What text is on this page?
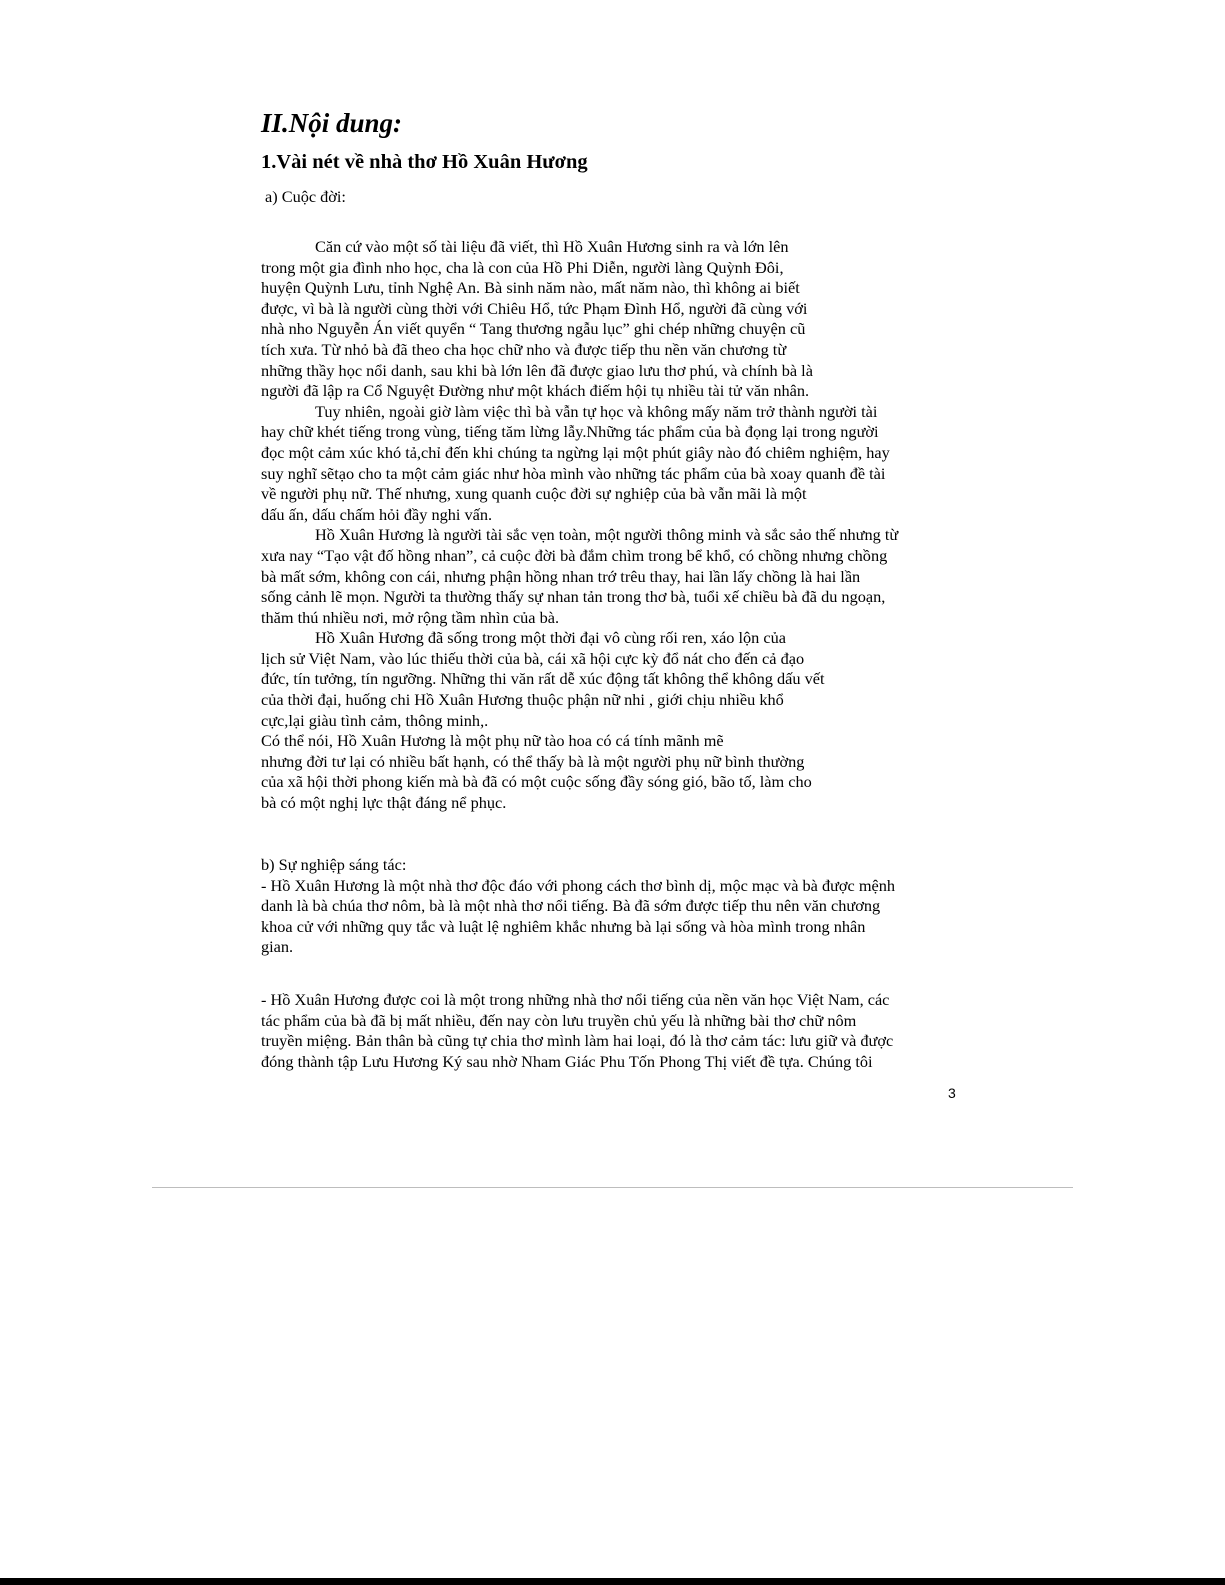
II.Nội dung:
1.Vài nét về nhà thơ Hồ Xuân Hương

a) Cuộc đời:

Căn cứ vào một số tài liệu đã viết, thì Hồ Xuân Hương sinh ra và lớn lên
trong một gia đình nho học, cha là con của Hồ Phi Diễn, người làng Quỳnh Đôi,
huyện Quỳnh Lưu, tỉnh Nghệ An. Bà sinh năm nào, mất năm nào, thì không ai biết
được, vì bà là người cùng thời với Chiêu Hổ, tức Phạm Đình Hổ, người đã cùng với
nhà nho Nguyễn Án viết quyển “ Tang thương ngẫu lục” ghi chép những chuyện cũ
tích xưa. Từ nhỏ bà đã theo cha học chữ nho và được tiếp thu nền văn chương từ
những thầy học nổi danh, sau khi bà lớn lên đã được giao lưu thơ phú, và chính bà là
người đã lập ra Cổ Nguyệt Đường như một khách điếm hội tụ nhiều tài tử văn nhân.
Tuy nhiên, ngoài giờ làm việc thì bà vẫn tự học và không mấy năm trở thành người tài
hay chữ khét tiếng trong vùng, tiếng tăm lừng lẫy.Những tác phẩm của bà đọng lại trong người
đọc một cảm xúc khó tả,chỉ đến khi chúng ta ngừng lại một phút giây nào đó chiêm nghiệm, hay
suy nghĩ sẽtạo cho ta một cảm giác như hòa mình vào những tác phẩm của bà xoay quanh đề tài
về người phụ nữ. Thế nhưng, xung quanh cuộc đời sự nghiệp của bà vẫn mãi là một
dấu ấn, dấu chấm hỏi đầy nghi vấn.
Hồ Xuân Hương là người tài sắc vẹn toàn, một người thông minh và sắc sảo thế nhưng từ
xưa nay “Tạo vật đố hồng nhan”, cả cuộc đời bà đắm chìm trong bể khổ, có chồng nhưng chồng
bà mất sớm, không con cái, nhưng phận hồng nhan trớ trêu thay, hai lần lấy chồng là hai lần
sống cảnh lẽ mọn. Người ta thường thấy sự nhan tản trong thơ bà, tuổi xế chiều bà đã du ngoạn,
thăm thú nhiều nơi, mở rộng tầm nhìn của bà.
Hồ Xuân Hương đã sống trong một thời đại vô cùng rối ren, xáo lộn của
lịch sử Việt Nam, vào lúc thiếu thời của bà, cái xã hội cực kỳ đổ nát cho đến cả đạo
đức, tín tưởng, tín ngưỡng. Những thi văn rất dễ xúc động tất không thể không dấu vết
của thời đại, huống chi Hồ Xuân Hương thuộc phận nữ nhi , giới chịu nhiều khổ
cực,lại giàu tình cảm, thông minh,.
Có thể nói, Hồ Xuân Hương là một phụ nữ tào hoa có cá tính mãnh mẽ
nhưng đời tư lại có nhiều bất hạnh, có thể thấy bà là một người phụ nữ bình thường
của xã hội thời phong kiến mà bà đã có một cuộc sống đầy sóng gió, bão tố, làm cho
bà có một nghị lực thật đáng nể phục.
b) Sự nghiệp sáng tác:
- Hồ Xuân Hương là một nhà thơ độc đáo với phong cách thơ bình dị, mộc mạc và bà được mệnh
danh là bà chúa thơ nôm, bà là một nhà thơ nổi tiếng. Bà đã sớm được tiếp thu nên văn chương
khoa cử với những quy tắc và luật lệ nghiêm khắc nhưng bà lại sống và hòa mình trong nhân
gian.
- Hồ Xuân Hương được coi là một trong những nhà thơ nổi tiếng của nền văn học Việt Nam, các
tác phẩm của bà đã bị mất nhiều, đến nay còn lưu truyền chủ yếu là những bài thơ chữ nôm
truyền miệng. Bản thân bà cũng tự chia thơ mình làm hai loại, đó là thơ cảm tác: lưu giữ và được
đóng thành tập Lưu Hương Ký sau nhờ Nham Giác Phu Tốn Phong Thị viết đề tựa. Chúng tôi
3
